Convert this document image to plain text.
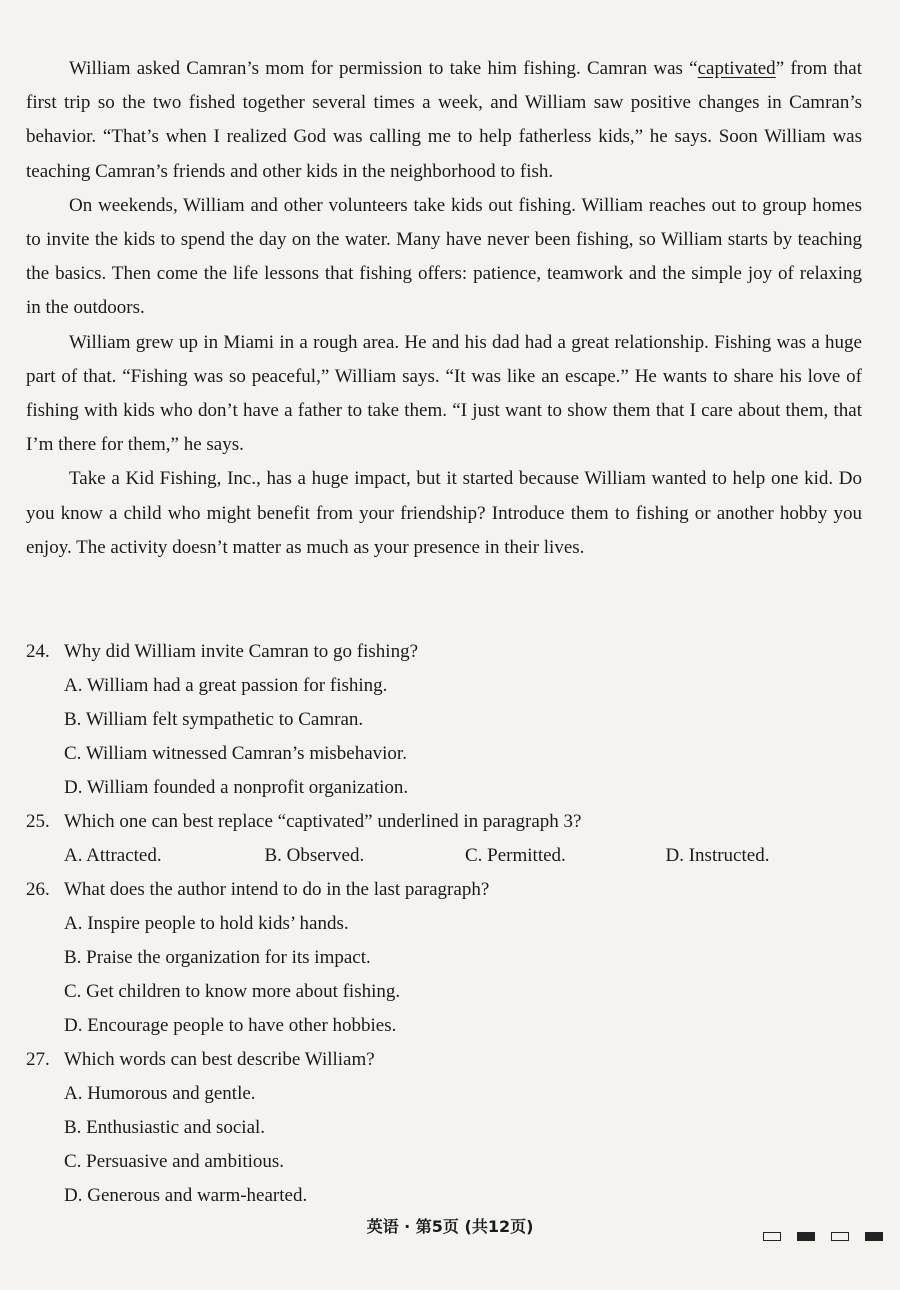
William asked Camran’s mom for permission to take him fishing. Camran was “captivated” from that first trip so the two fished together several times a week, and William saw positive changes in Camran’s behavior. “That’s when I realized God was calling me to help fatherless kids,” he says. Soon William was teaching Camran’s friends and other kids in the neighborhood to fish.

On weekends, William and other volunteers take kids out fishing. William reaches out to group homes to invite the kids to spend the day on the water. Many have never been fishing, so William starts by teaching the basics. Then come the life lessons that fishing offers: patience, teamwork and the simple joy of relaxing in the outdoors.

William grew up in Miami in a rough area. He and his dad had a great relationship. Fishing was a huge part of that. “Fishing was so peaceful,” William says. “It was like an escape.” He wants to share his love of fishing with kids who don’t have a father to take them. “I just want to show them that I care about them, that I’m there for them,” he says.

Take a Kid Fishing, Inc., has a huge impact, but it started because William wanted to help one kid. Do you know a child who might benefit from your friendship? Introduce them to fishing or another hobby you enjoy. The activity doesn’t matter as much as your presence in their lives.

24. Why did William invite Camran to go fishing?
A. William had a great passion for fishing.
B. William felt sympathetic to Camran.
C. William witnessed Camran’s misbehavior.
D. William founded a nonprofit organization.
25. Which one can best replace “captivated” underlined in paragraph 3?
A. Attracted.	B. Observed.	C. Permitted.	D. Instructed.
26. What does the author intend to do in the last paragraph?
A. Inspire people to hold kids’ hands.
B. Praise the organization for its impact.
C. Get children to know more about fishing.
D. Encourage people to have other hobbies.
27. Which words can best describe William?
A. Humorous and gentle.
B. Enthusiastic and social.
C. Persuasive and ambitious.
D. Generous and warm-hearted.
英语 · 第5页 (共12页)
